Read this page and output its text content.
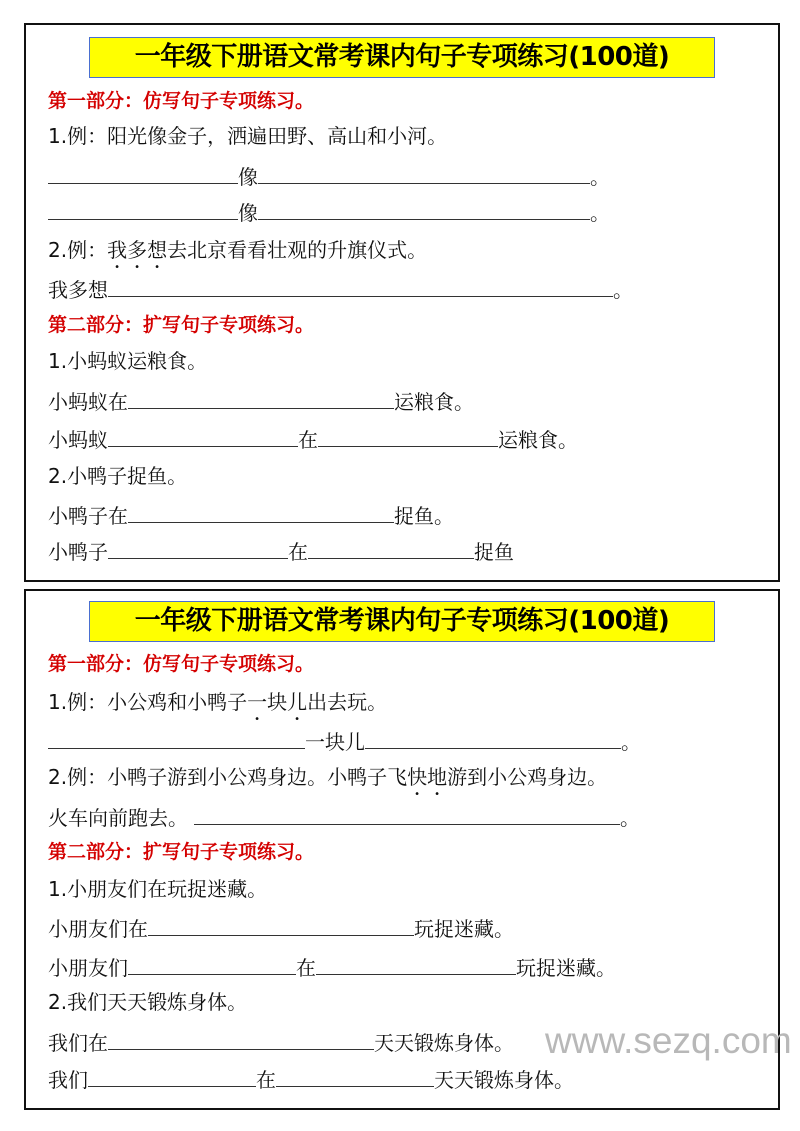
一年级下册语文常考课内句子专项练习(100道)
第一部分：仿写句子专项练习。
1.例：阳光像金子，洒遍田野、高山和小河。
像	。
像	。
2.例：我多想去北京看看壮观的升旗仪式。
我多想	。
第二部分：扩写句子专项练习。
1.小蚂蚁运粮食。
小蚂蚁在	运粮食。
小蚂蚁	在	运粮食。
2.小鸭子捉鱼。
小鸭子在	捉鱼。
小鸭子	在	捉鱼
一年级下册语文常考课内句子专项练习(100道)
第一部分：仿写句子专项练习。
1.例：小公鸡和小鸭子一块儿出去玩。
一块儿	。
2.例：小鸭子游到小公鸡身边。小鸭子飞快地游到小公鸡身边。
火车向前跑去。	。
第二部分：扩写句子专项练习。
1.小朋友们在玩捉迷藏。
小朋友们在	玩捉迷藏。
小朋友们	在	玩捉迷藏。
2.我们天天锻炼身体。
我们在	天天锻炼身体。
我们	在	天天锻炼身体。
www.sezq.com
